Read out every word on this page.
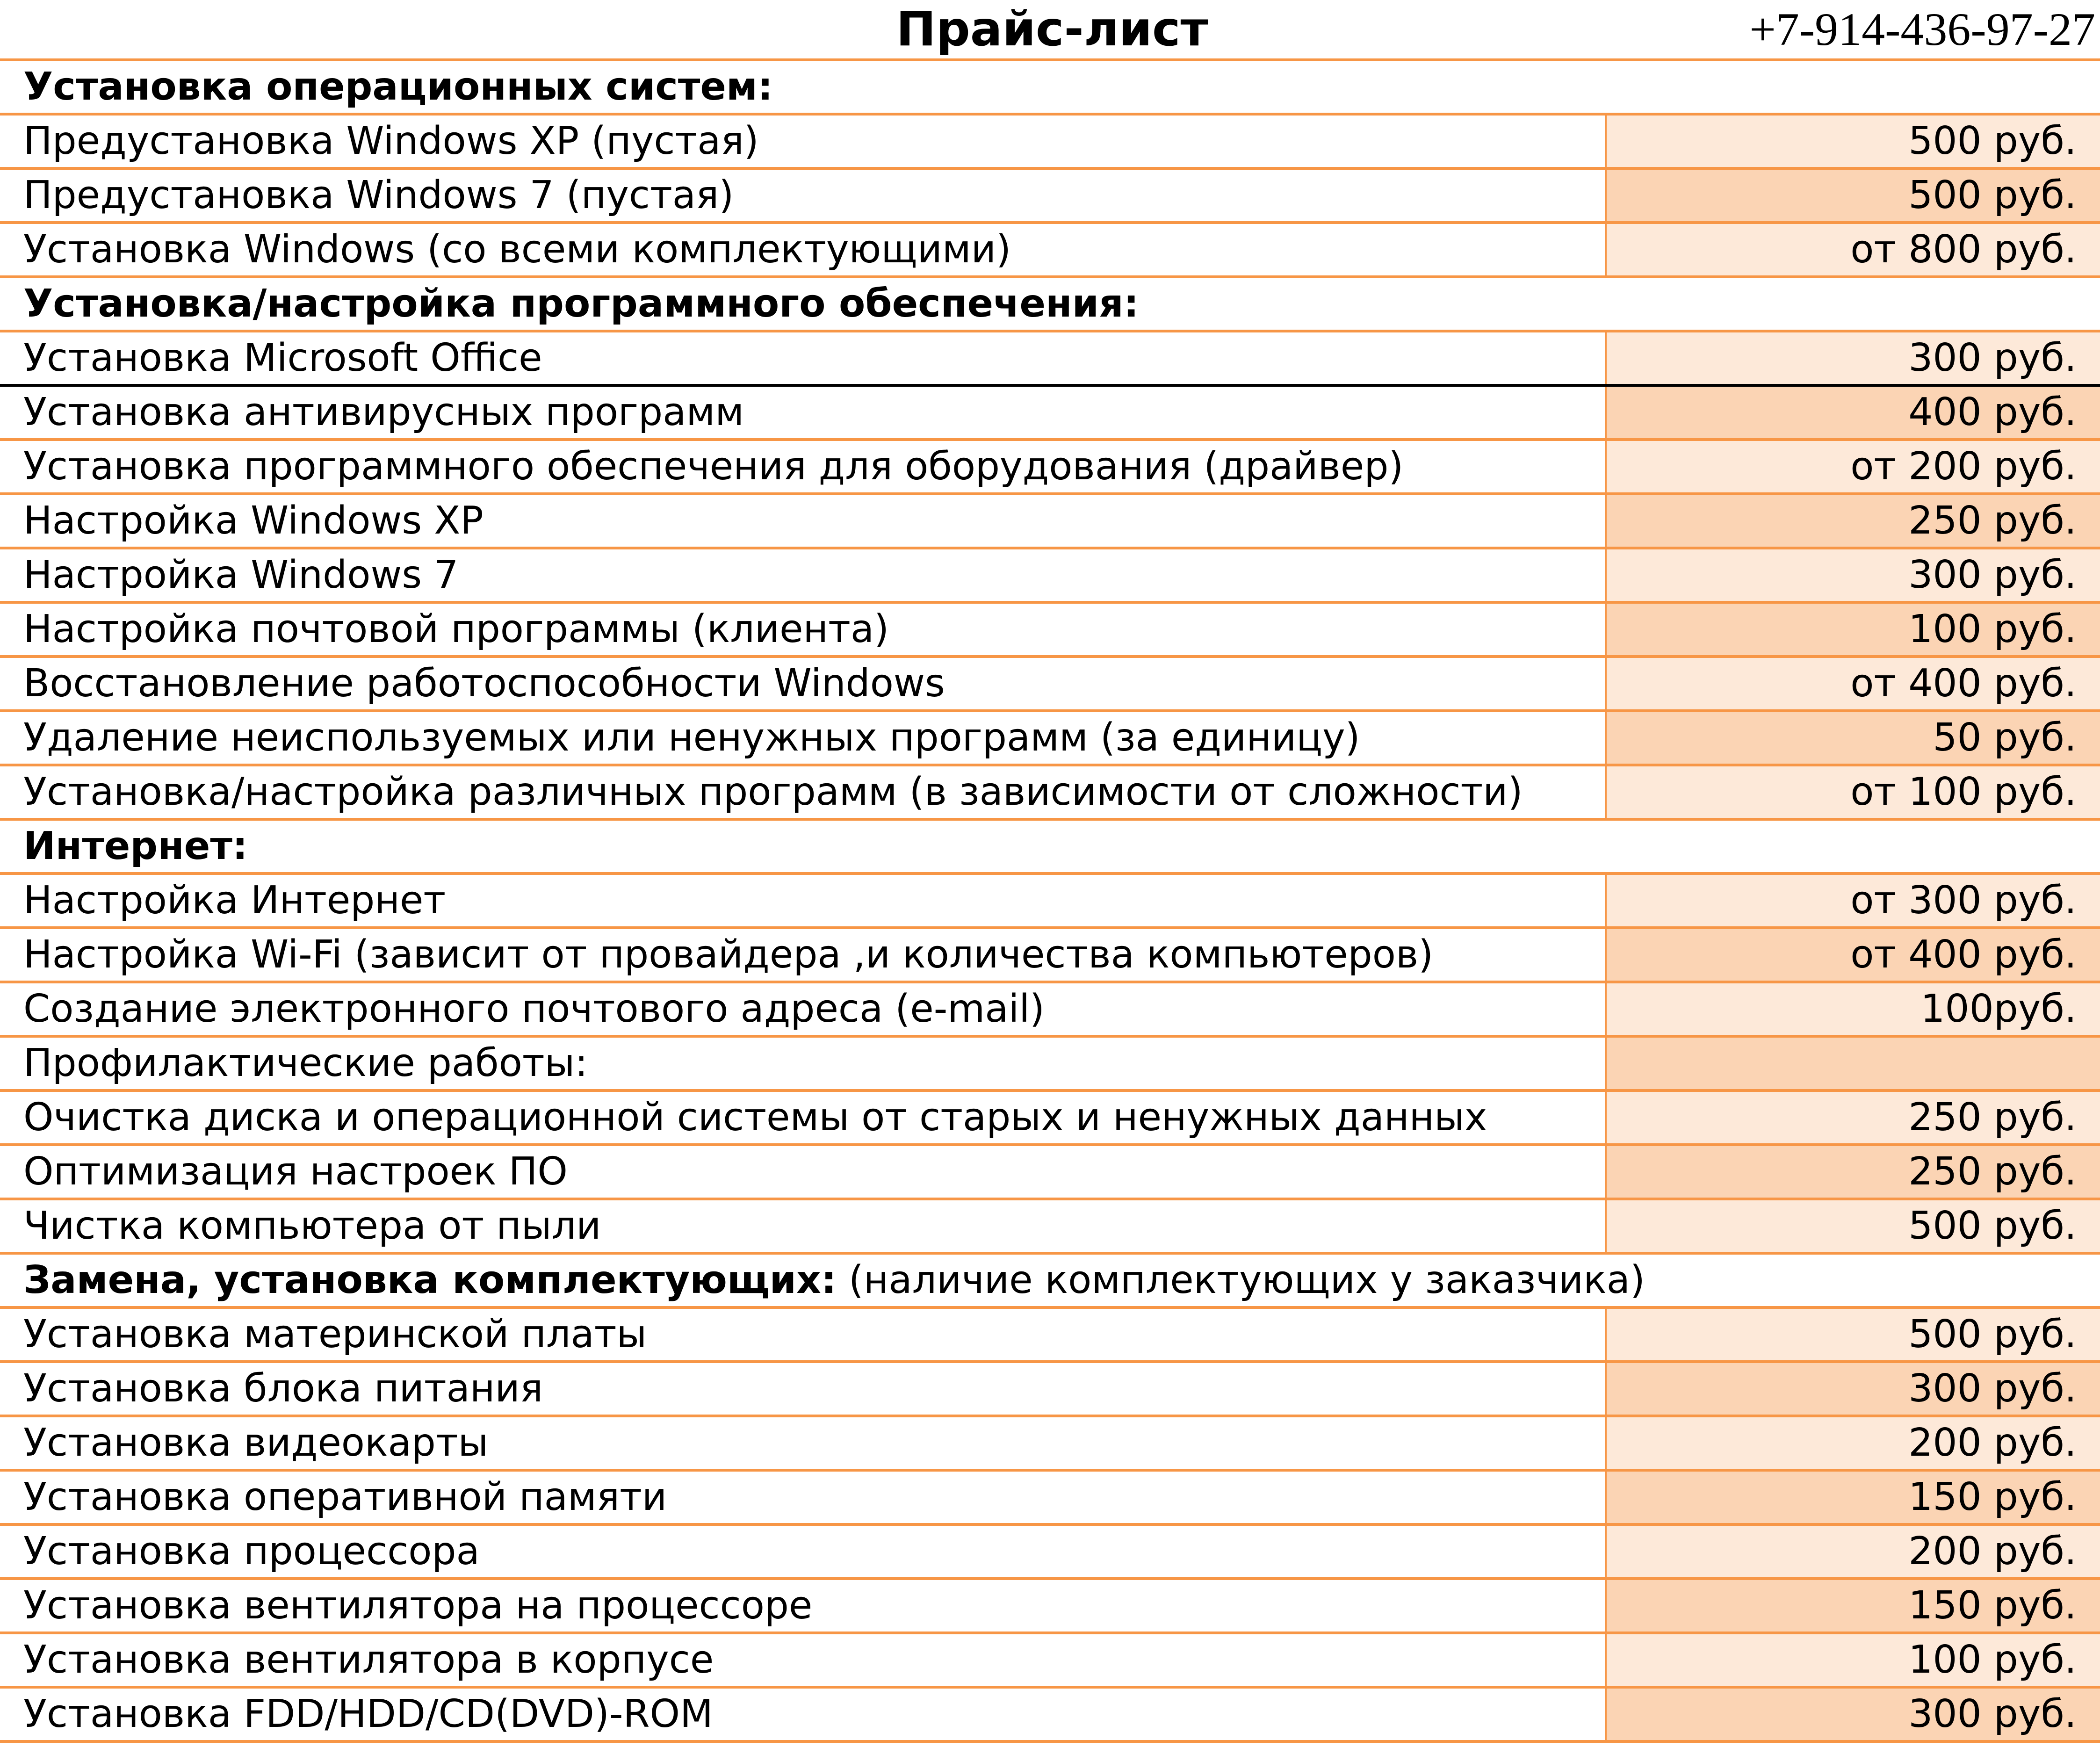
Прайс-лист	+7-914-436-97-27
Установка операционных систем:
Предустановка Windows XP (пустая)	500 руб.
Предустановка Windows 7 (пустая)	500 руб.
Установка Windows (со всеми комплектующими)	от 800 руб.
Установка/настройка программного обеспечения:
Установка Microsoft Office	300 руб.
Установка антивирусных программ	400 руб.
Установка программного обеспечения для оборудования (драйвер)	от 200 руб.
Настройка Windows XP	250 руб.
Настройка Windows 7	300 руб.
Настройка почтовой программы (клиента)	100 руб.
Восстановление работоспособности Windows	от 400 руб.
Удаление неиспользуемых или ненужных программ (за единицу)	50 руб.
Установка/настройка различных программ (в зависимости от сложности)	от 100 руб.
Интернет:
Настройка Интернет	от 300 руб.
Настройка Wi-Fi (зависит от провайдера ,и количества компьютеров)	от 400 руб.
Создание электронного почтового адреса (e-mail)	100руб.
Профилактические работы:
Очистка диска и операционной системы от старых и ненужных данных	250 руб.
Оптимизация настроек ПО	250 руб.
Чистка компьютера от пыли	500 руб.
Замена, установка комплектующих: (наличие комплектующих у заказчика)
Установка материнской платы	500 руб.
Установка блока питания	300 руб.
Установка видеокарты	200 руб.
Установка оперативной памяти	150 руб.
Установка процессора	200 руб.
Установка вентилятора на процессоре	150 руб.
Установка вентилятора в корпусе	100 руб.
Установка FDD/HDD/CD(DVD)-ROM	300 руб.
